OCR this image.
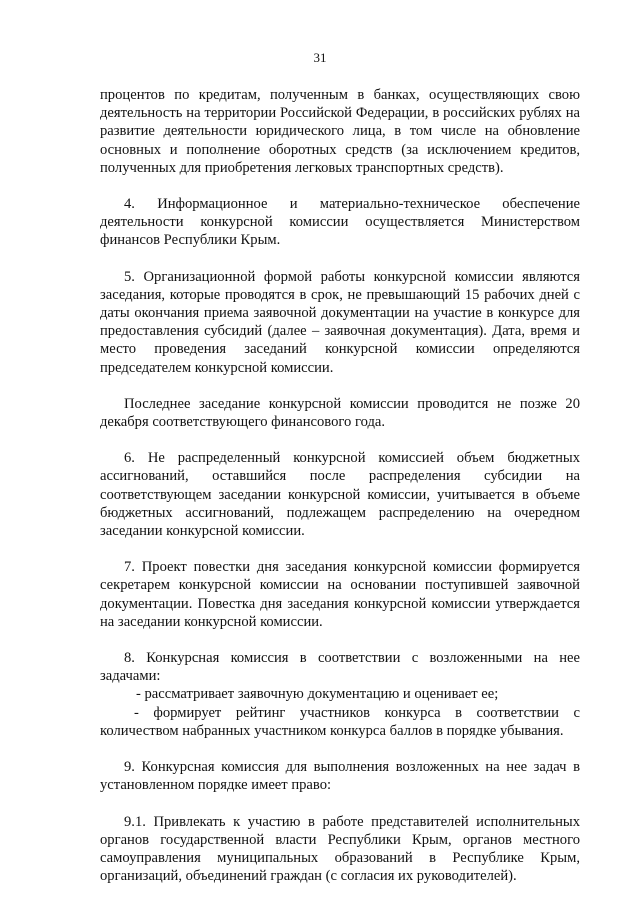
31

процентов по кредитам, полученным в банках, осуществляющих свою деятельность на территории Российской Федерации, в российских рублях на развитие деятельности юридического лица, в том числе на обновление основных и пополнение оборотных средств (за исключением кредитов, полученных для приобретения легковых транспортных средств).

4. Информационное и материально-техническое обеспечение деятельности конкурсной комиссии осуществляется Министерством финансов Республики Крым.

5. Организационной формой работы конкурсной комиссии являются заседания, которые проводятся в срок, не превышающий 15 рабочих дней с даты окончания приема заявочной документации на участие в конкурсе для предоставления субсидий (далее – заявочная документация). Дата, время и место проведения заседаний конкурсной комиссии определяются председателем конкурсной комиссии.

Последнее заседание конкурсной комиссии проводится не позже 20 декабря соответствующего финансового года.

6. Не распределенный конкурсной комиссией объем бюджетных ассигнований, оставшийся после распределения субсидии на соответствующем заседании конкурсной комиссии, учитывается в объеме бюджетных ассигнований, подлежащем распределению на очередном заседании конкурсной комиссии.

7. Проект повестки дня заседания конкурсной комиссии формируется секретарем конкурсной комиссии на основании поступившей заявочной документации. Повестка дня заседания конкурсной комиссии утверждается на заседании конкурсной комиссии.

8. Конкурсная комиссия в соответствии с возложенными на нее задачами:

- рассматривает заявочную документацию и оценивает ее;

- формирует рейтинг участников конкурса в соответствии с количеством набранных участником конкурса баллов в порядке убывания.

9. Конкурсная комиссия для выполнения возложенных на нее задач в установленном порядке имеет право:

9.1. Привлекать к участию в работе представителей исполнительных органов государственной власти Республики Крым, органов местного самоуправления муниципальных образований в Республике Крым, организаций, объединений граждан (с согласия их руководителей).
